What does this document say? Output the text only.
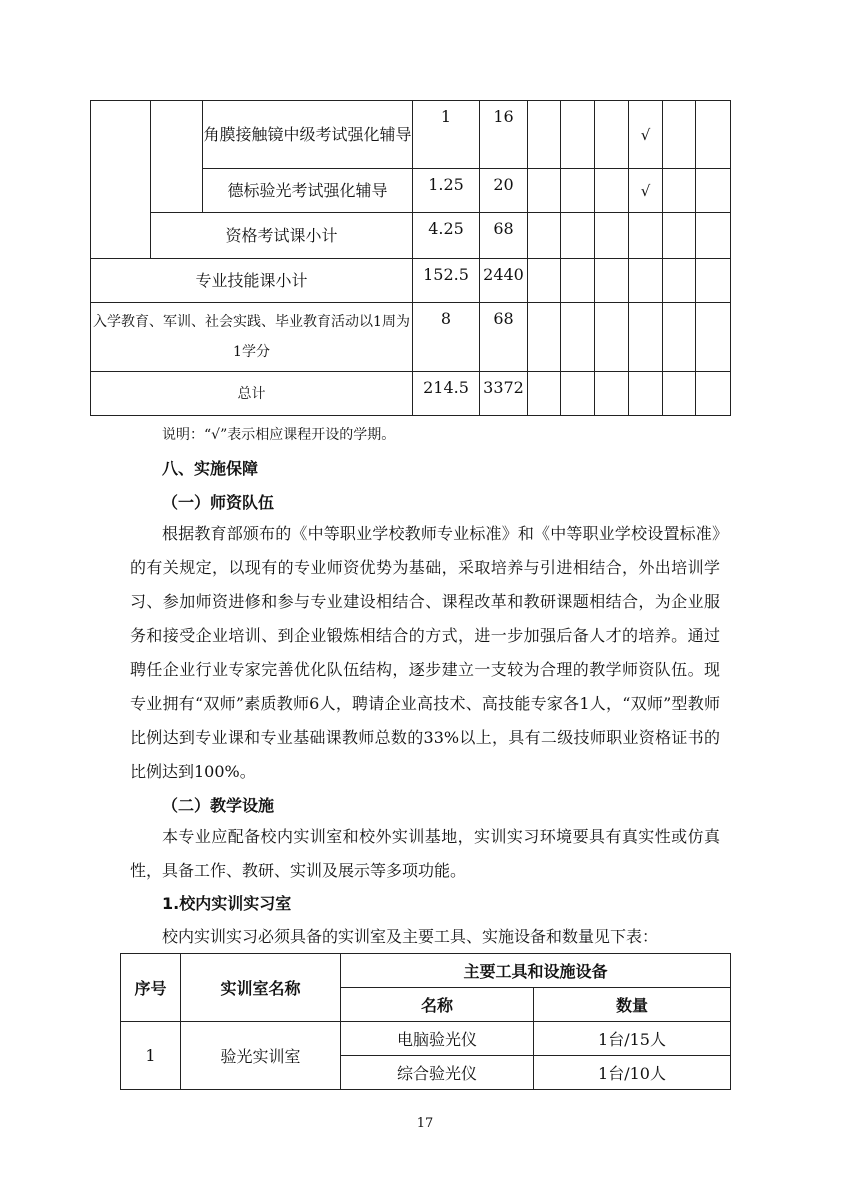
		角膜接触镜中级考试强化辅导	1	16				√		
		德标验光考试强化辅导	1.25	20				√		
	资格考试课小计		4.25	68						
专业技能课小计			152.5	2440						
入学教育、军训、社会实践、毕业教育活动以1周为1学分			8	68						
总计			214.5	3372						
说明：“√”表示相应课程开设的学期。
八、实施保障
（一）师资队伍

根据教育部颁布的《中等职业学校教师专业标准》和《中等职业学校设置标准》的有关规定，以现有的专业师资优势为基础，采取培养与引进相结合，外出培训学习、参加师资进修和参与专业建设相结合、课程改革和教研课题相结合，为企业服务和接受企业培训、到企业锻炼相结合的方式，进一步加强后备人才的培养。通过聘任企业行业专家完善优化队伍结构，逐步建立一支较为合理的教学师资队伍。现专业拥有“双师”素质教师6人，聘请企业高技术、高技能专家各1人，“双师”型教师比例达到专业课和专业基础课教师总数的33%以上，具有二级技师职业资格证书的比例达到100%。

（二）教学设施

本专业应配备校内实训室和校外实训基地，实训实习环境要具有真实性或仿真性，具备工作、教研、实训及展示等多项功能。

1.校内实训实习室

校内实训实习必须具备的实训室及主要工具、实施设备和数量见下表：

序号	实训室名称	主要工具和设施设备	
		名称	数量
1	验光实训室	电脑验光仪	1台/15人
		综合验光仪	1台/10人
17
